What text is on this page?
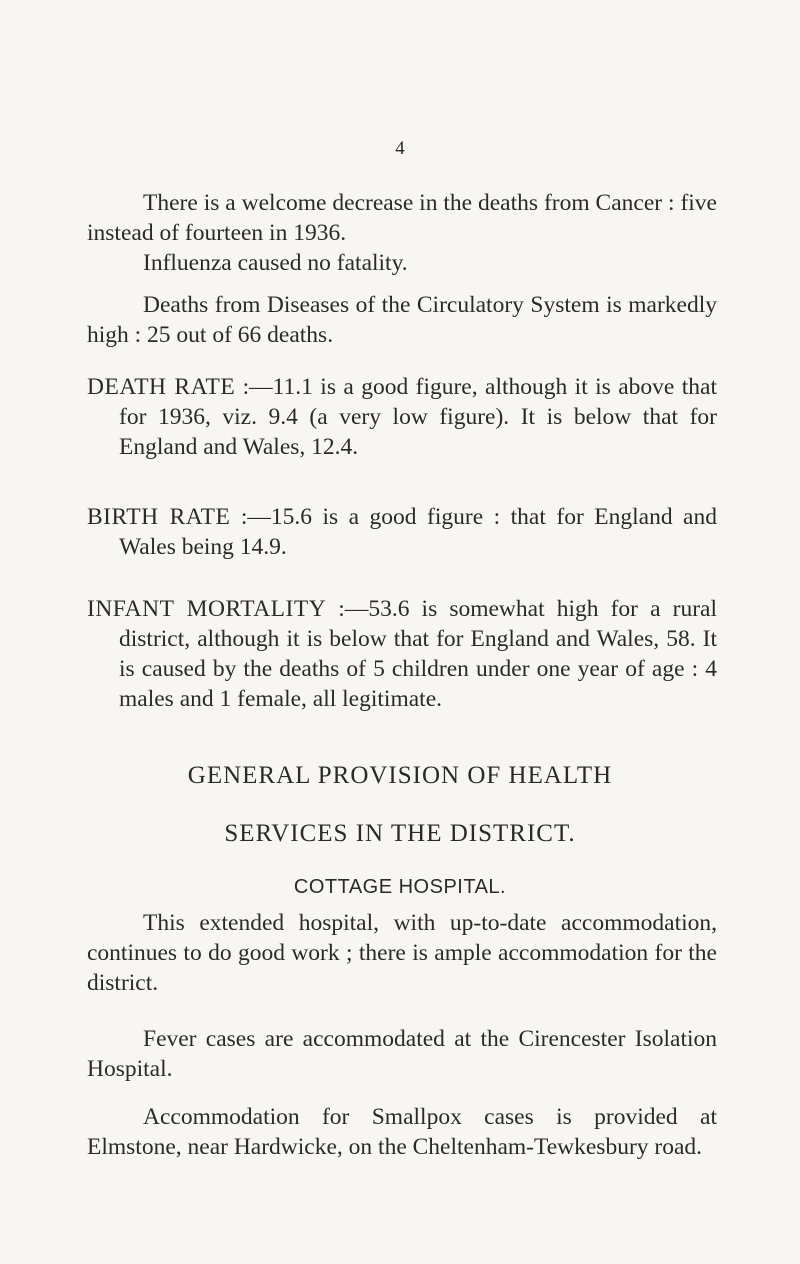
4

There is a welcome decrease in the deaths from Cancer : five instead of fourteen in 1936.

Influenza caused no fatality.

Deaths from Diseases of the Circulatory System is markedly high : 25 out of 66 deaths.

DEATH RATE :—11.1 is a good figure, although it is above that for 1936, viz. 9.4 (a very low figure). It is below that for England and Wales, 12.4.

BIRTH RATE :—15.6 is a good figure : that for England and Wales being 14.9.

INFANT MORTALITY :—53.6 is somewhat high for a rural district, although it is below that for England and Wales, 58. It is caused by the deaths of 5 children under one year of age : 4 males and 1 female, all legitimate.

GENERAL PROVISION OF HEALTH
SERVICES IN THE DISTRICT.
COTTAGE HOSPITAL.

This extended hospital, with up-to-date accommodation, continues to do good work ; there is ample accommodation for the district.

Fever cases are accommodated at the Cirencester Isolation Hospital.

Accommodation for Smallpox cases is provided at Elmstone, near Hardwicke, on the Cheltenham-Tewkesbury road.
